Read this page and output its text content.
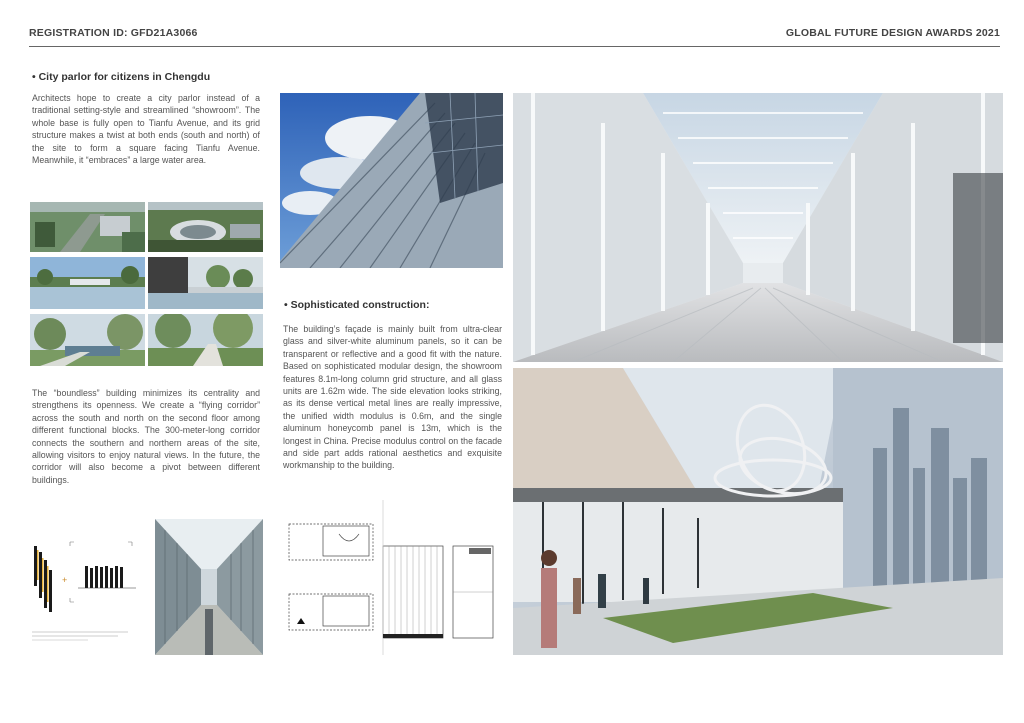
REGISTRATION ID: GFD21A3066	GLOBAL FUTURE DESIGN AWARDS 2021
• City parlor for citizens in Chengdu
Architects hope to create a city parlor instead of a traditional setting-style and streamlined “showroom”. The whole base is fully open to Tianfu Avenue, and its grid structure makes a twist at both ends (south and north) of the site to form a square facing Tianfu Avenue. Meanwhile, it “embraces” a large water area.
The “boundless” building minimizes its centrality and strengthens its openness. We create a “flying corridor” across the south and north on the second floor among different functional blocks. The 300-meter-long corridor connects the southern and northern areas of the site, allowing visitors to enjoy natural views. In the future, the corridor will also become a pivot between different buildings.
+
• Sophisticated construction:
The building’s façade is mainly built from ultra-clear glass and silver-white aluminum panels, so it can be transparent or reflective and a good fit with the nature. Based on sophisticated modular design, the showroom features 8.1m-long column grid structure, and all glass units are 1.62m wide. The side elevation looks striking, as its dense vertical metal lines are really impressive, the unified width modulus is 0.6m, and the single aluminum honeycomb panel is 13m, which is the longest in China. Precise modulus control on the facade and side part adds rational aesthetics and exquisite workmanship to the building.
